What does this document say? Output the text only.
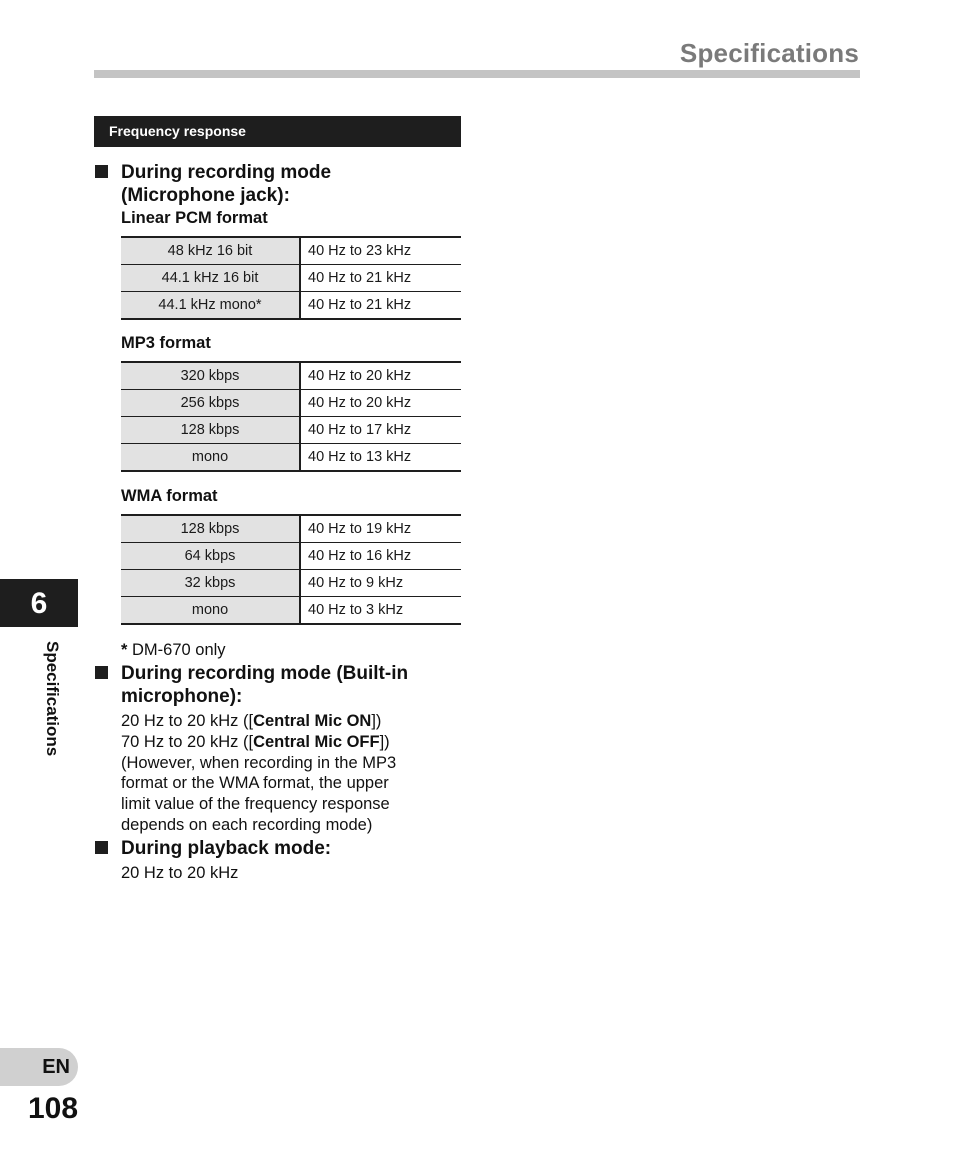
Specifications
Frequency response
During recording mode
(Microphone jack):
Linear PCM format
48 kHz 16 bit	40 Hz to 23 kHz
44.1 kHz 16 bit	40 Hz to 21 kHz
44.1 kHz mono*	40 Hz to 21 kHz
MP3 format
320 kbps	40 Hz to 20 kHz
256 kbps	40 Hz to 20 kHz
128 kbps	40 Hz to 17 kHz
mono	40 Hz to 13 kHz
WMA format
128 kbps	40 Hz to 19 kHz
64 kbps	40 Hz to 16 kHz
32 kbps	40 Hz to 9 kHz
mono	40 Hz to 3 kHz
* DM-670 only
During recording mode (Built-in
microphone):
20 Hz to 20 kHz ([Central Mic ON])
70 Hz to 20 kHz ([Central Mic OFF])
(However, when recording in the MP3
format or the WMA format, the upper
limit value of the frequency response
depends on each recording mode)
During playback mode:
20 Hz to 20 kHz
6
Specifications
EN
108
